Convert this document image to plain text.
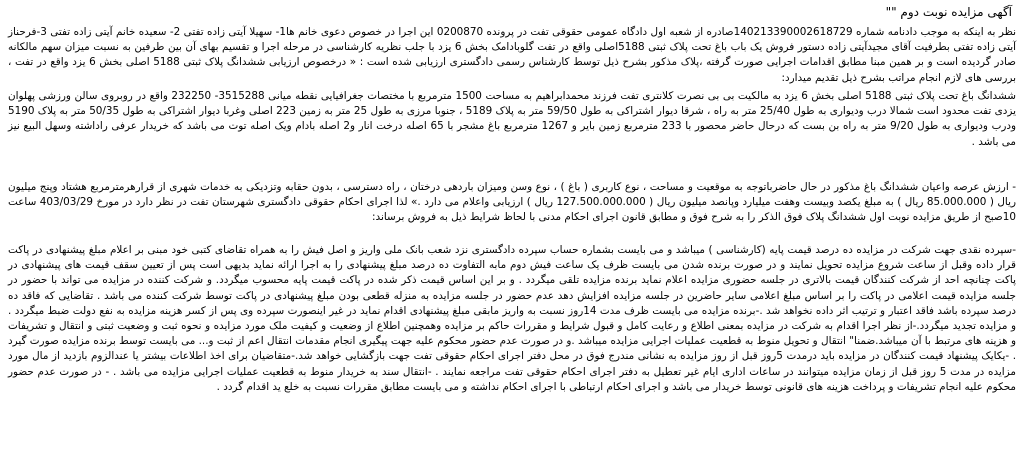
آگهی مزایده نوبت دوم ""

نظر به اینکه به موجب دادنامه شماره 140213390002618729صادره از شعبه اول دادگاه عمومی حقوقی تفت در پرونده 0200870 این اجرا در خصوص دعوی خانم ها1- سهیلا آیتی زاده تفتی 2- سعیده خانم آیتی زاده تفتی 3-فرحناز آیتی زاده تفتی بطرفیت آقای مجیدآیتی زاده دستور فروش یک باب باغ تحت پلاک ثبتی 5188اصلی واقع در تفت گلوبادامک بخش 6 یزد با جلب نظریه کارشناسی در مرحله اجرا و تقسیم بهای آن بین طرفین به نسبت میزان سهم مالکانه صادر گردیده است و بر همین مبنا مطابق اقدامات اجرایی صورت گرفته ،پلاک مذکور بشرح ذیل توسط کارشناس رسمی دادگستری ارزیابی شده است : « درخصوص ارزیابی ششدانگ پلاک ثبتی 5188 اصلی بخش 6 یزد واقع در تفت ، بررسی های لازم انجام مراتب بشرح ذیل تقدیم میدارد:

ششدانگ باغ تحت پلاک ثبتی 5188 اصلی بخش 6 یزد به مالکیت بی بی نصرت کلانتری تفت فرزند محمدابراهیم به مساحت 1500 مترمربع با مختصات جغرافیایی نقطه میانی 3515288- 232250 واقع در روبروی سالن ورزشی پهلوان یزدی تفت محدود است شمالا درب ودیواری به طول 25/40 متر به راه ، شرقا دیوار اشتراکی به طول 59/50 متر به پلاک 5189 ، جنوبا مرزی به طول 25 متر به زمین 223 اصلی وغربا دیوار اشتراکی به طول 50/35 متر به پلاک 5190 ودرب ودیواری به طول 9/20 متر به راه بن بست که درحال حاضر محصور با 233 مترمربع زمین بایر و 1267 مترمربع باغ مشجر با 65 اصله درخت انار و2 اصله بادام ویک اصله توت می باشد که خریدار عرفی راداشته وسهل البیع نیز می باشد .

- ارزش عرصه واعیان ششدانگ باغ مذکور در حال حاضرباتوجه به موقعیت و مساحت ، نوع کاربری ( باغ ) ، نوع وسن ومیزان باردهی درختان ، راه دسترسی ، بدون حقابه وتزدیکی به خدمات شهری از قرارهرمترمربع هشتاد وپنج میلیون ریال ( 85.000.000 ریال ) به مبلغ یکصد وبیست وهفت میلیارد وپانصد میلیون ریال ( 127.500.000.000 ریال ) ارزیابی واعلام می دارد .» لذا اجرای احکام حقوقی دادگستری شهرستان تفت در نظر دارد در مورخ 403/03/29 ساعت 10صبح از طریق مزایده نوبت اول ششدانگ پلاک فوق الذکر را به شرح فوق و مطابق قانون اجرای احکام مدنی با لحاظ شرایط ذیل به فروش برساند:

-سپرده نقدی جهت شرکت در مزایده ده درصد قیمت پایه (کارشناسی ) میباشد و می بایست بشماره حساب سپرده دادگستری نزد شعب بانک ملی واریز و اصل فیش را به همراه تقاضای کتبی خود مبنی بر اعلام مبلغ پیشنهادی در پاکت قرار داده وقبل از ساعت شروع مزایده تحویل نمایند و در صورت برنده شدن می بایست ظرف یک ساعت فیش دوم مابه التفاوت ده درصد مبلغ پیشنهادی را به اجرا ارائه نماید بدیهی است پس از تعیین سقف قیمت های پیشنهادی در پاکت چنانچه احد از شرکت کنندگان قیمت بالاتری در جلسه حضوری مزایده اعلام نماید برنده مزایده تلقی میگردد . و بر این اساس قیمت ذکر شده در پاکت قیمت پایه محسوب میگردد. و شرکت کننده در مزایده می تواند با حضور در جلسه مزایده قیمت اعلامی در پاکت را بر اساس مبلغ اعلامی سایر حاضرین در جلسه مزایده افزایش دهد عدم حضور در جلسه مزایده به منزله قطعی بودن مبلغ پیشنهادی در پاکت توسط شرکت کننده می باشد . تقاضایی که فاقد ده درصد سپرده باشد فاقد اعتبار و ترتیب اثر داده نخواهد شد .-برنده مزایده می بایست ظرف مدت 14روز نسبت به واریز مابقی مبلغ پیشنهادی اقدام نماید در غیر اینصورت سپرده وی پس از کسر هزینه مزایده به نفع دولت ضبط میگردد . و مزایده تجدید میگردد.-از نظر اجرا اقدام به شرکت در مزایده بمعنی اطلاع و رعایت کامل و قبول شرایط و مقررات حاکم بر مزایده وهمچنین اطلاع از وضعیت و کیفیت ملک مورد مزایده و نحوه ثبت و وضعیت ثبتی و انتقال و تشریفات و هزینه های مرتبط با آن میباشد.ضمنا" انتقال و تحویل منوط به قطعیت عملیات اجرایی مزایده میباشد .و در صورت عدم حضور محکوم علیه جهت پیگیری انجام مقدمات انتقال اعم از ثبت و... می بایست توسط برنده مزایده صورت گیرد . -یکایک پیشنهاد قیمت کنندگان در مزایده باید درمدت 5روز قبل از روز مزایده به نشانی مندرج فوق در محل دفتر اجرای احکام حقوقی تفت جهت بازگشایی خواهد شد.-متقاضیان برای اخذ اطلاعات بیشتر یا عندالزوم بازدید از مال مورد مزایده در مدت 5 روز قبل از زمان مزایده میتوانند در ساعات اداری ایام غیر تعطیل به دفتر اجرای احکام حقوقی تفت مراجعه نمایند . -انتقال سند به خریدار منوط به قطعیت عملیات اجرایی مزایده می باشد . - در صورت عدم حضور محکوم علیه انجام تشریفات و پرداخت هزینه های قانونی توسط خریدار می باشد و اجرای احکام ارتباطی با اجرای احکام نداشته و می بایست مطابق مقررات نسبت به خلع ید اقدام گردد .
